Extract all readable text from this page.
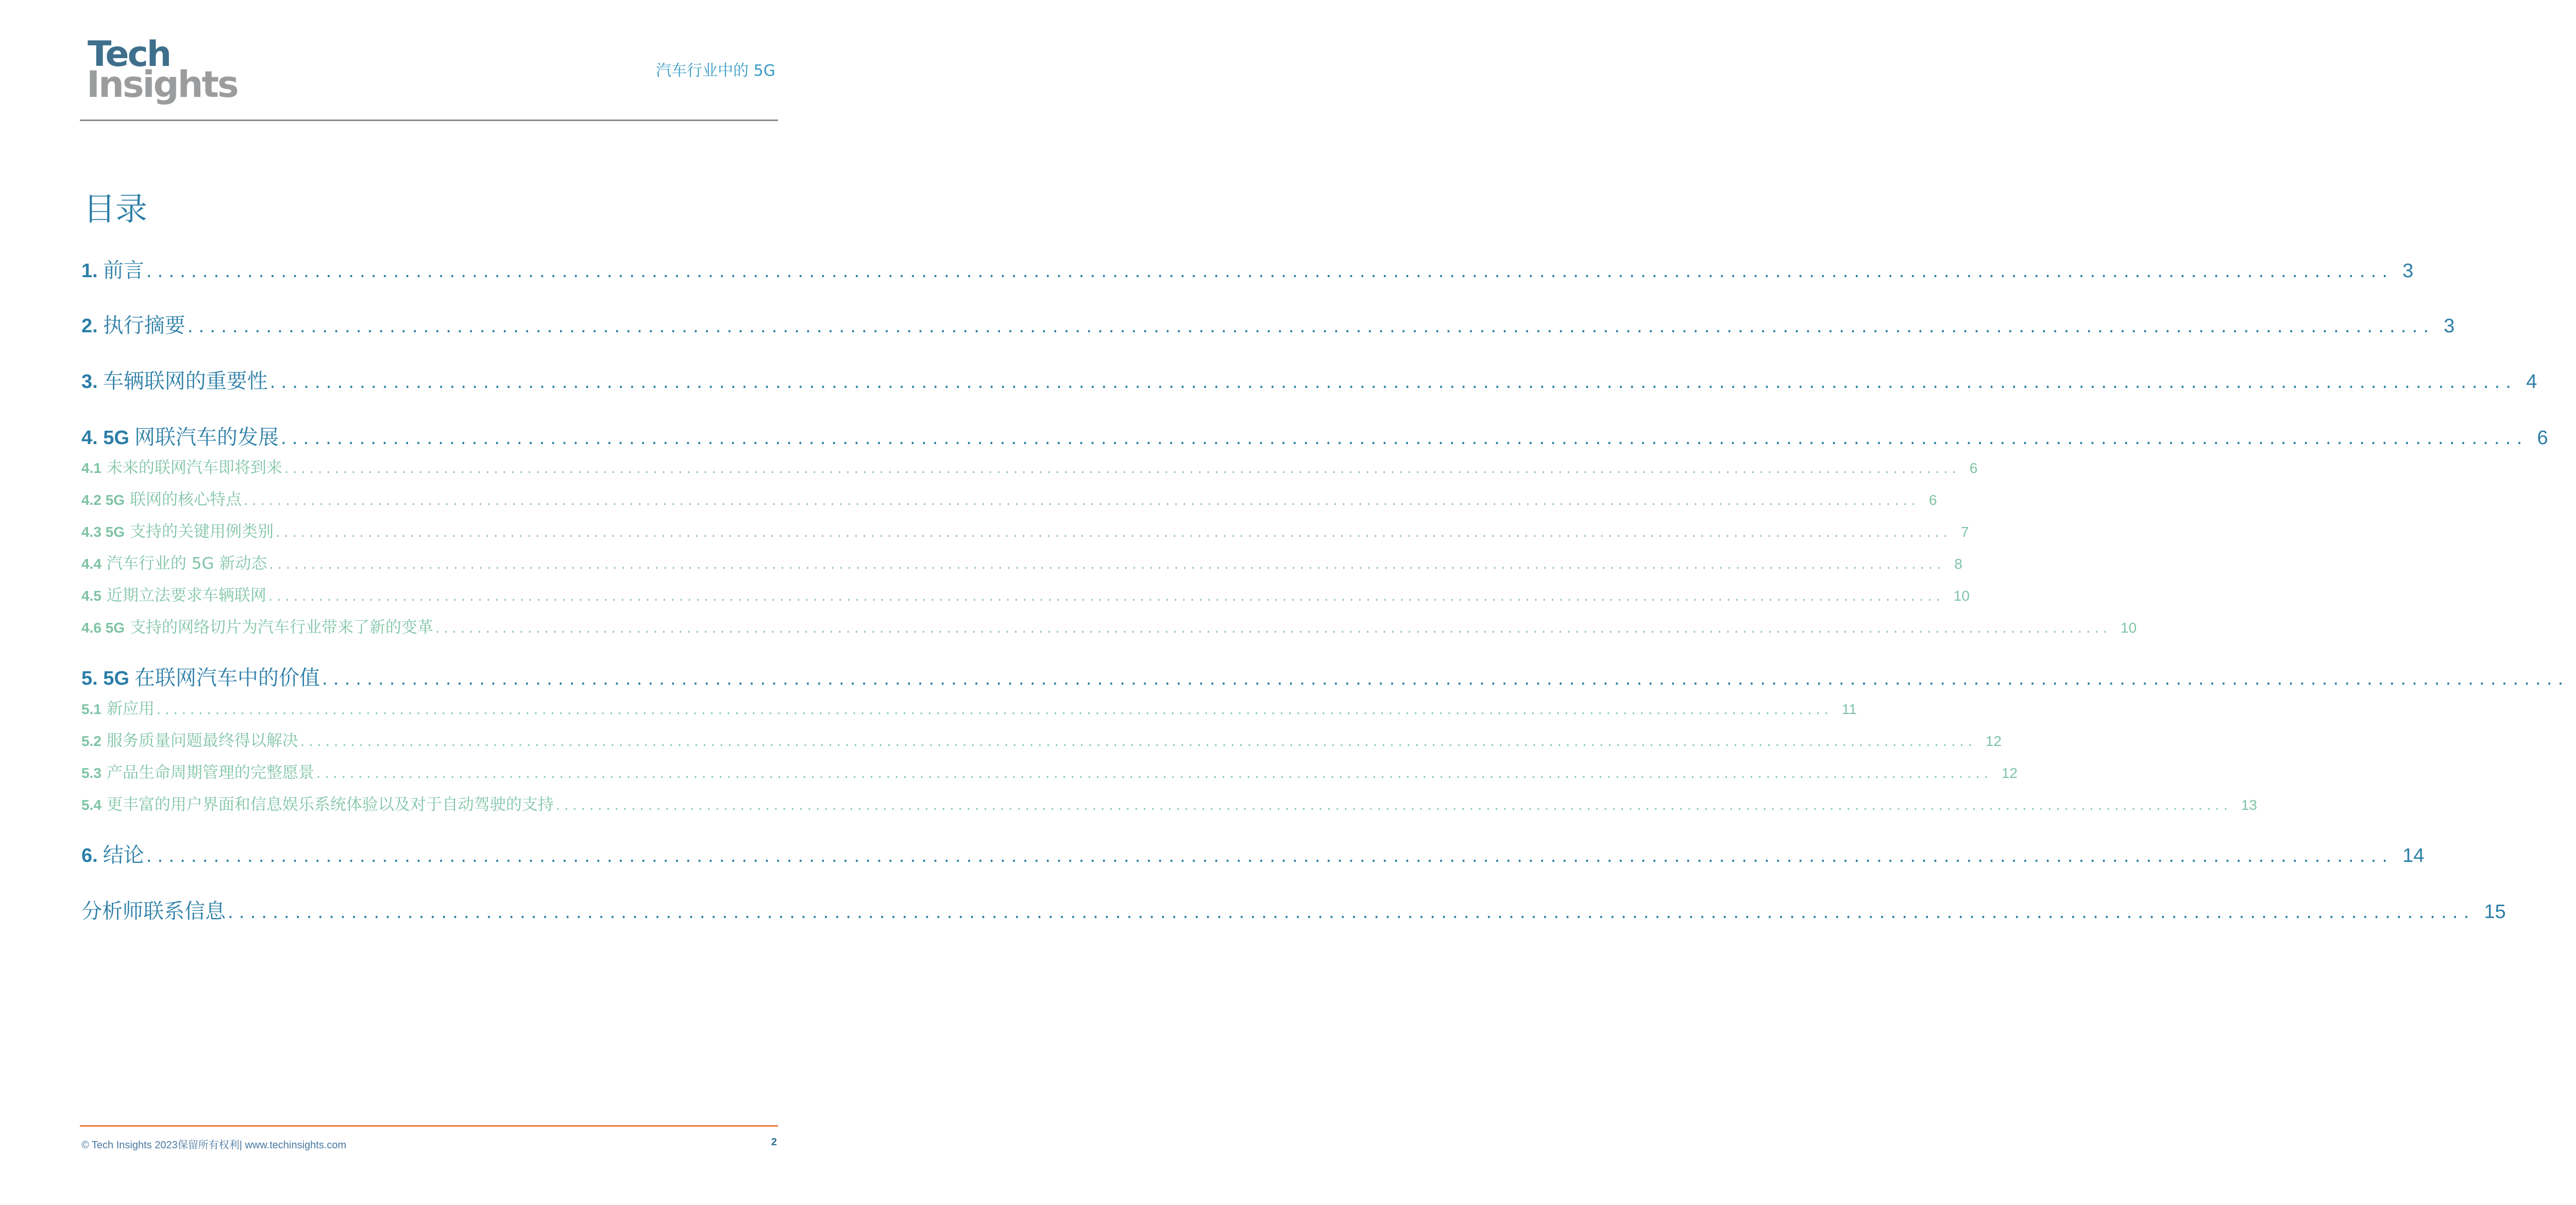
Tech
Insights	汽车行业中的 5G
目录
1. 前言 ........................................................................................................................................................................................................ 3
2. 执行摘要 ........................................................................................................................................................................................................ 3
3. 车辆联网的重要性 ........................................................................................................................................................................................................ 4
4. 5G 网联汽车的发展 ........................................................................................................................................................................................................ 6
4.1 未来的联网汽车即将到来 ........................................................................................................................................................................................................ 6
4.2 5G 联网的核心特点 ........................................................................................................................................................................................................ 6
4.3 5G 支持的关键用例类别 ........................................................................................................................................................................................................ 7
4.4 汽车行业的 5G 新动态 ........................................................................................................................................................................................................ 8
4.5 近期立法要求车辆联网 ........................................................................................................................................................................................................ 10
4.6 5G 支持的网络切片为汽车行业带来了新的变革 ........................................................................................................................................................................................................ 10
5. 5G 在联网汽车中的价值 ........................................................................................................................................................................................................
5.1 新应用 ........................................................................................................................................................................................................ 11
5.2 服务质量问题最终得以解决 ........................................................................................................................................................................................................ 12
5.3 产品生命周期管理的完整愿景 ........................................................................................................................................................................................................ 12
5.4 更丰富的用户界面和信息娱乐系统体验以及对于自动驾驶的支持 ........................................................................................................................................................................................................ 13
6. 结论 ........................................................................................................................................................................................................ 14
分析师联系信息 ........................................................................................................................................................................................................ 15
© Tech Insights 2023保留所有权利| www.techinsights.com	2
